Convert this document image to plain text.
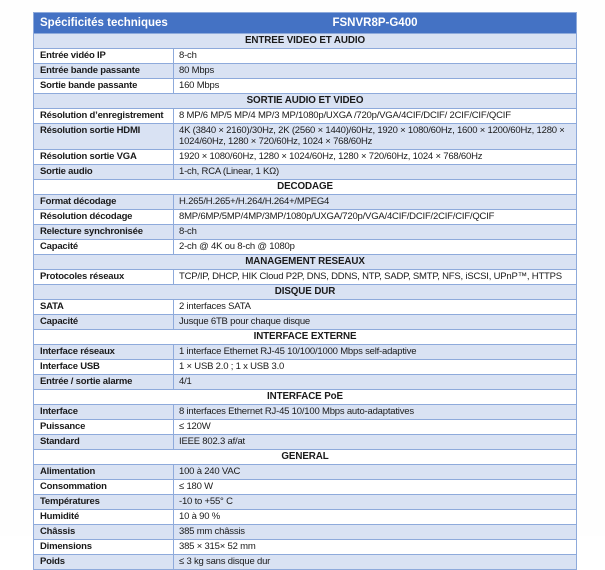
Spécificités techniques	FSNVR8P-G400
ENTREE VIDEO ET AUDIO
Entrée vidéo IP	8-ch
Entrée bande passante	80 Mbps
Sortie bande passante	160 Mbps
SORTIE AUDIO ET VIDEO
Résolution d’enregistrement	8 MP/6 MP/5 MP/4 MP/3 MP/1080p/UXGA /720p/VGA/4CIF/DCIF/ 2CIF/CIF/QCIF
Résolution sortie HDMI	4K (3840 × 2160)/30Hz, 2K (2560 × 1440)/60Hz, 1920 × 1080/60Hz, 1600 × 1200/60Hz, 1280 × 1024/60Hz, 1280 × 720/60Hz, 1024 × 768/60Hz
Résolution sortie VGA	1920 × 1080/60Hz, 1280 × 1024/60Hz, 1280 × 720/60Hz, 1024 × 768/60Hz
Sortie audio	1-ch, RCA (Linear, 1 KΩ)
DECODAGE
Format décodage	H.265/H.265+/H.264/H.264+/MPEG4
Résolution décodage	8MP/6MP/5MP/4MP/3MP/1080p/UXGA/720p/VGA/4CIF/DCIF/2CIF/CIF/QCIF
Relecture synchronisée	8-ch
Capacité	2-ch @ 4K ou 8-ch @ 1080p
MANAGEMENT RESEAUX
Protocoles réseaux	TCP/IP, DHCP, HIK Cloud P2P, DNS, DDNS, NTP, SADP, SMTP, NFS, iSCSI, UPnP™, HTTPS
DISQUE DUR
SATA	2 interfaces SATA
Capacité	Jusque 6TB pour chaque disque
INTERFACE EXTERNE
Interface réseaux	1 interface Ethernet RJ-45 10/100/1000 Mbps self-adaptive
Interface USB	1 × USB 2.0 ; 1 x USB 3.0
Entrée / sortie alarme	4/1
INTERFACE PoE
Interface	8 interfaces Ethernet RJ-45 10/100 Mbps auto-adaptatives
Puissance	≤ 120W
Standard	IEEE 802.3 af/at
GENERAL
Alimentation	100 à 240 VAC
Consommation	≤ 180 W
Températures	-10 to +55° C
Humidité	10 à 90 %
Châssis	385 mm châssis
Dimensions	385 × 315× 52 mm
Poids	≤ 3 kg sans disque dur
